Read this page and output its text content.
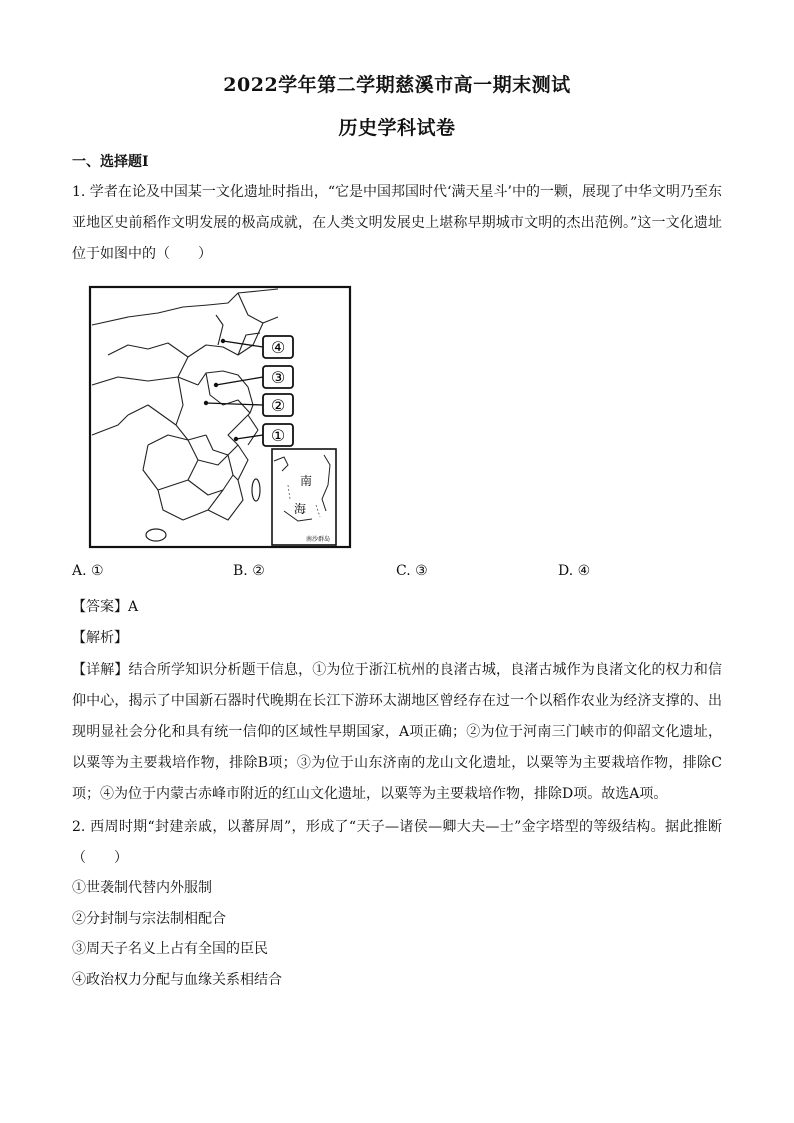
2022学年第二学期慈溪市高一期末测试
历史学科试卷
一、选择题Ⅰ
1. 学者在论及中国某一文化遗址时指出，“它是中国邦国时代‘满天星斗’中的一颗，展现了中华文明乃至东亚地区史前稻作文明发展的极高成就，在人类文明发展史上堪称早期城市文明的杰出范例。”这一文化遗址位于如图中的（　　）
④
③
②
①
南
海
南沙群岛
A. ①	B. ②	C. ③	D. ④
【答案】A
【解析】
【详解】结合所学知识分析题干信息，①为位于浙江杭州的良渚古城，良渚古城作为良渚文化的权力和信仰中心，揭示了中国新石器时代晚期在长江下游环太湖地区曾经存在过一个以稻作农业为经济支撑的、出现明显社会分化和具有统一信仰的区域性早期国家，A项正确；②为位于河南三门峡市的仰韶文化遗址，以粟等为主要栽培作物，排除B项；③为位于山东济南的龙山文化遗址，以粟等为主要栽培作物，排除C项；④为位于内蒙古赤峰市附近的红山文化遗址，以粟等为主要栽培作物，排除D项。故选A项。
2. 西周时期“封建亲戚，以蕃屏周”，形成了“天子—诸侯—卿大夫—士”金字塔型的等级结构。据此推断（　　）
①世袭制代替内外服制
②分封制与宗法制相配合
③周天子名义上占有全国的臣民
④政治权力分配与血缘关系相结合
